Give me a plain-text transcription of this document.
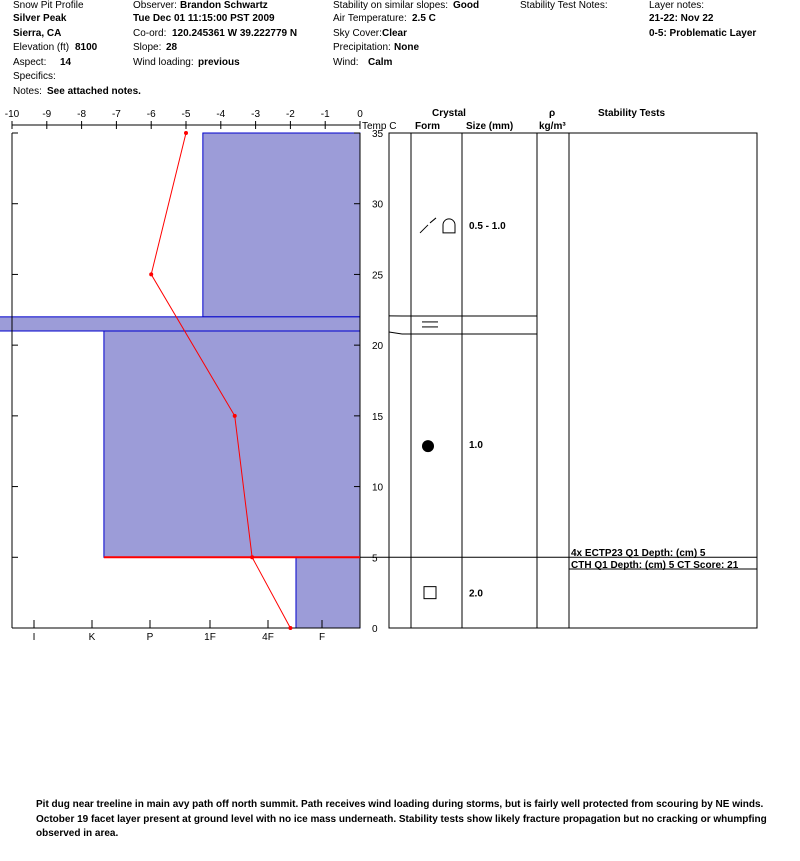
Snow Pit Profile
Silver Peak
Sierra, CA
Elevation (ft) 8100
Aspect: 14
Specifics:
Notes: See attached notes.
Observer: Brandon Schwartz
Tue Dec 01 11:15:00 PST 2009
Co-ord: 120.245361 W 39.222779 N
Slope: 28
Wind loading: previous
Stability on similar slopes: Good
Air Temperature: 2.5 C
Sky Cover: Clear
Precipitation: None
Wind: Calm
Stability Test Notes:	Layer notes:
21-22: Nov 22
0-5: Problematic Layer
Crystal
Form	Size (mm)
ρ
kg/m³
Stability Tests
-10 -9	-8	-7	-6	-5	-4	-3	-2	-1	0
Temp C
0
5
10
15
20
25
30
35
I	K	P	1F	4F	F
0.5 - 1.0
1.0
2.0
4x ECTP23 Q1 Depth: (cm) 5
CTH Q1 Depth: (cm) 5 CT Score: 21
Pit dug near treeline in main avy path off north summit. Path receives wind loading during storms, but is fairly well protected from scouring by NE winds. October 19 facet layer present at ground level with no ice mass underneath. Stability tests show likely fracture propagation but no cracking or whumpfing observed in area.
